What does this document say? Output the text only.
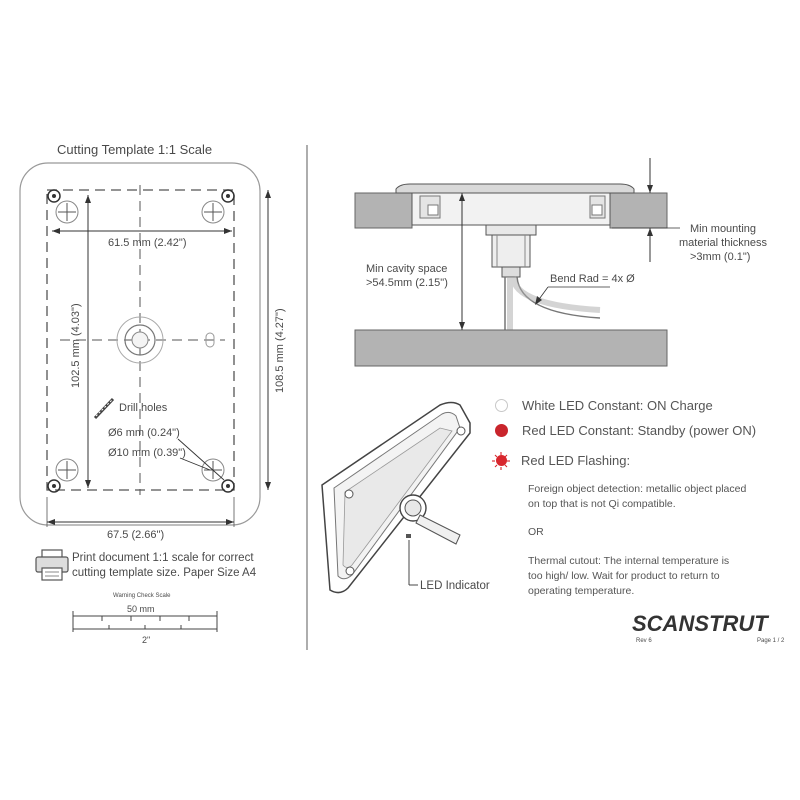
Cutting Template 1:1 Scale
61.5 mm (2.42")
102.5 mm (4.03")	108.5 mm (4.27")
67.5 (2.66")
Drill holes
Ø6 mm (0.24")
Ø10 mm (0.39")
Print document 1:1 scale for correct
cutting template size. Paper Size A4
Warning Check Scale
50 mm
2"
Min mounting
material thickness
>3mm (0.1")
Min cavity space
>54.5mm (2.15")	Bend Rad = 4x Ø
LED Indicator
SCANSTRUT
Rev 6	Page 1 / 2
White LED Constant: ON Charge
Red LED Constant: Standby (power ON)
Red LED Flashing:
Foreign object detection: metallic object placed
on top that is not Qi compatible.
OR
Thermal cutout: The internal temperature is
too high/ low. Wait for product to return to
operating temperature.
